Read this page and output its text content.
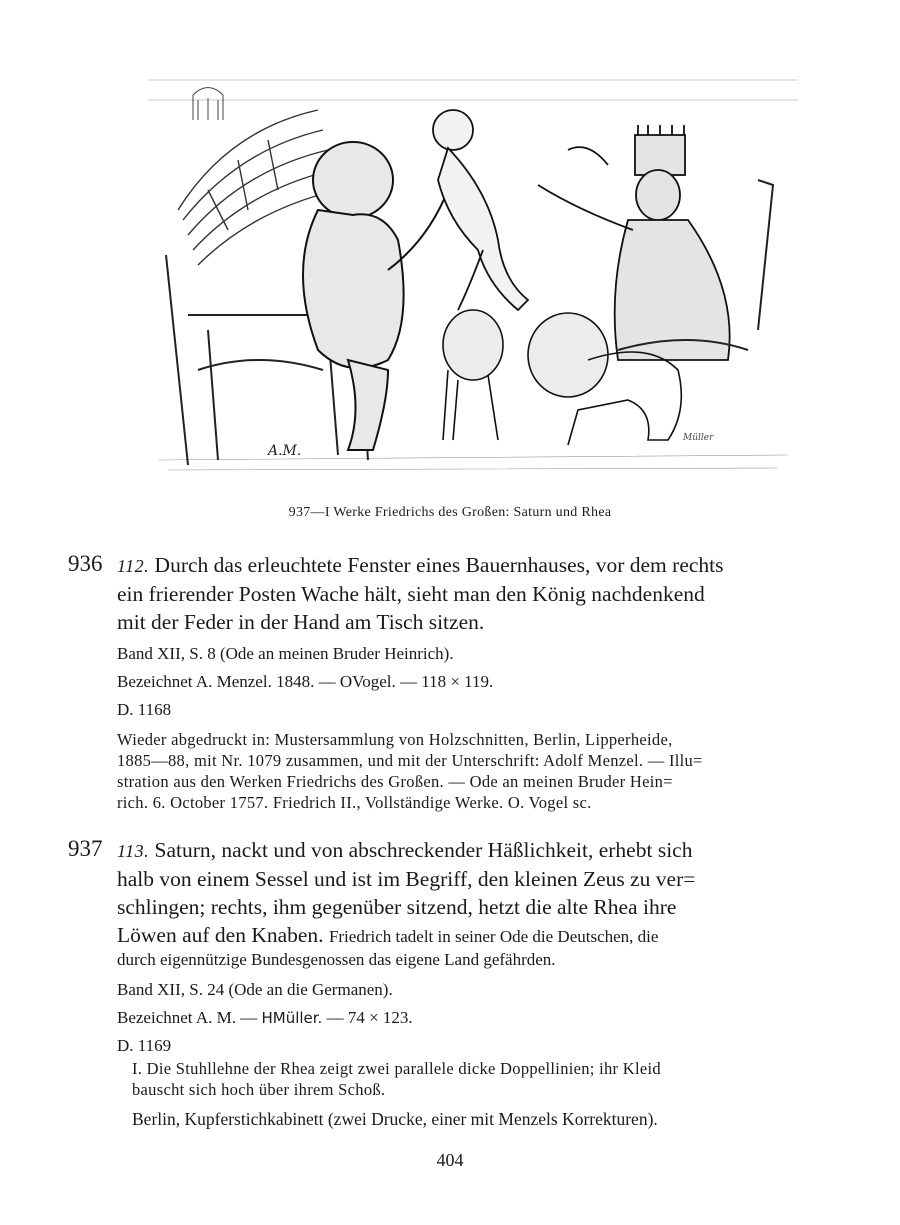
A.M.
Müller
937—I Werke Friedrichs des Großen: Saturn und Rhea
936 112. Durch das erleuchtete Fenster eines Bauernhauses, vor dem rechts
ein frierender Posten Wache hält, sieht man den König nachdenkend
mit der Feder in der Hand am Tisch sitzen.

Band XII, S. 8 (Ode an meinen Bruder Heinrich).

Bezeichnet A. Menzel. 1848. — OVogel. — 118 × 119.

D. 1168

Wieder abgedruckt in: Mustersammlung von Holzschnitten, Berlin, Lipperheide,
1885—88, mit Nr. 1079 zusammen, und mit der Unterschrift: Adolf Menzel. — Illu=
stration aus den Werken Friedrichs des Großen. — Ode an meinen Bruder Hein=
rich. 6. October 1757. Friedrich II., Vollständige Werke. O. Vogel sc.

937 113. Saturn, nackt und von abschreckender Häßlichkeit, erhebt sich
halb von einem Sessel und ist im Begriff, den kleinen Zeus zu ver=
schlingen; rechts, ihm gegenüber sitzend, hetzt die alte Rhea ihre
Löwen auf den Knaben. Friedrich tadelt in seiner Ode die Deutschen, die

durch eigennützige Bundesgenossen das eigene Land gefährden.

Band XII, S. 24 (Ode an die Germanen).

Bezeichnet A. M. — HMüller. — 74 × 123.

D. 1169

I. Die Stuhllehne der Rhea zeigt zwei parallele dicke Doppellinien; ihr Kleid
bauscht sich hoch über ihrem Schoß.

Berlin, Kupferstichkabinett (zwei Drucke, einer mit Menzels Korrekturen).

404
